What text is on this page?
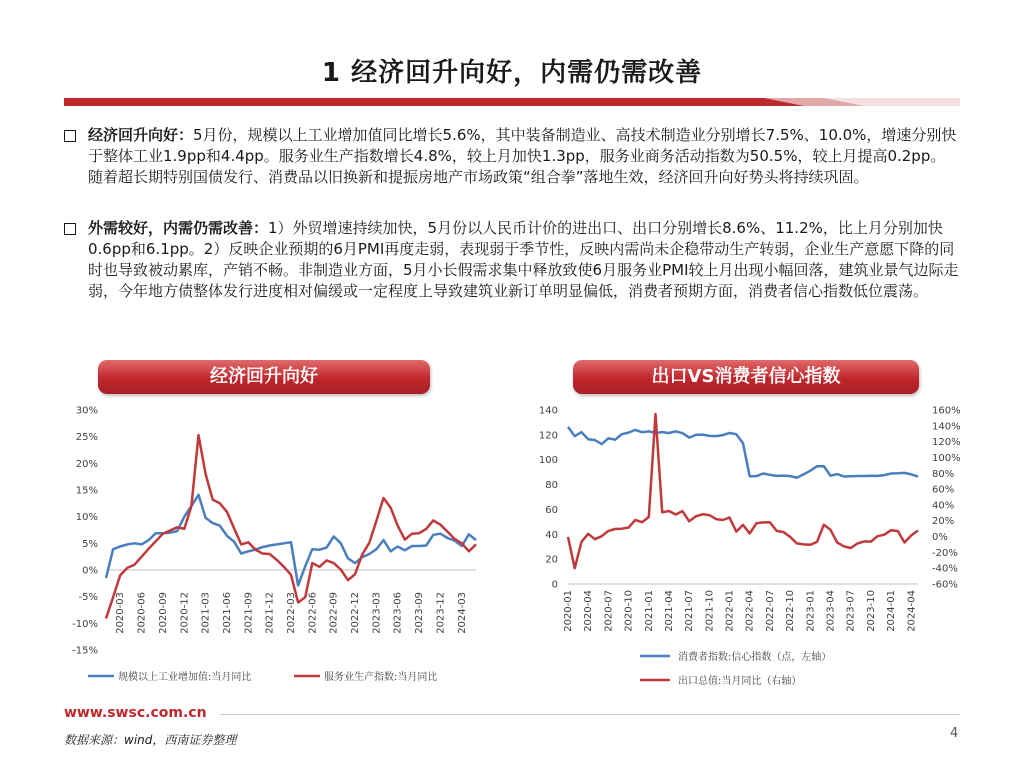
1 经济回升向好，内需仍需改善
经济回升向好：5月份，规模以上工业增加值同比增长5.6%，其中装备制造业、高技术制造业分别增长7.5%、10.0%，增速分别快于整体工业1.9pp和4.4pp。服务业生产指数增长4.8%，较上月加快1.3pp，服务业商务活动指数为50.5%，较上月提高0.2pp。随着超长期特别国债发行、消费品以旧换新和提振房地产市场政策“组合拳”落地生效，经济回升向好势头将持续巩固。
外需较好，内需仍需改善：1）外贸增速持续加快，5月份以人民币计价的进出口、出口分别增长8.6%、11.2%，比上月分别加快0.6pp和6.1pp。2）反映企业预期的6月PMI再度走弱，表现弱于季节性，反映内需尚未企稳带动生产转弱，企业生产意愿下降的同时也导致被动累库，产销不畅。非制造业方面，5月小长假需求集中释放致使6月服务业PMI较上月出现小幅回落，建筑业景气边际走弱，今年地方债整体发行进度相对偏缓或一定程度上导致建筑业新订单明显偏低，消费者预期方面，消费者信心指数低位震荡。
经济回升向好	出口VS消费者信心指数
-15%
-10%
-5%
0%
5%
10%
15%
20%
25%
30%
2020-03 2020-06 2020-09 2020-12 2021-03 2021-06 2021-09 2021-12 2022-03 2022-06 2022-09 2022-12 2023-03 2023-06 2023-09 2023-12 2024-03
规模以上工业增加值:当月同比	服务业生产指数:当月同比
0
20
40
60
80
100
120
140
-60%
-40%
-20%
0%
20%
40%
60%
80%
100%
120%
140%
160%
2020-01 2020-04 2020-07 2020-10 2021-01 2021-04 2021-07 2021-10 2022-01 2022-04 2022-07 2022-10 2023-01 2023-04 2023-07 2023-10 2024-01 2024-04
消费者指数:信心指数（点，左轴）
出口总值:当月同比（右轴）
www.swsc.com.cn
数据来源：wind，西南证券整理	4
